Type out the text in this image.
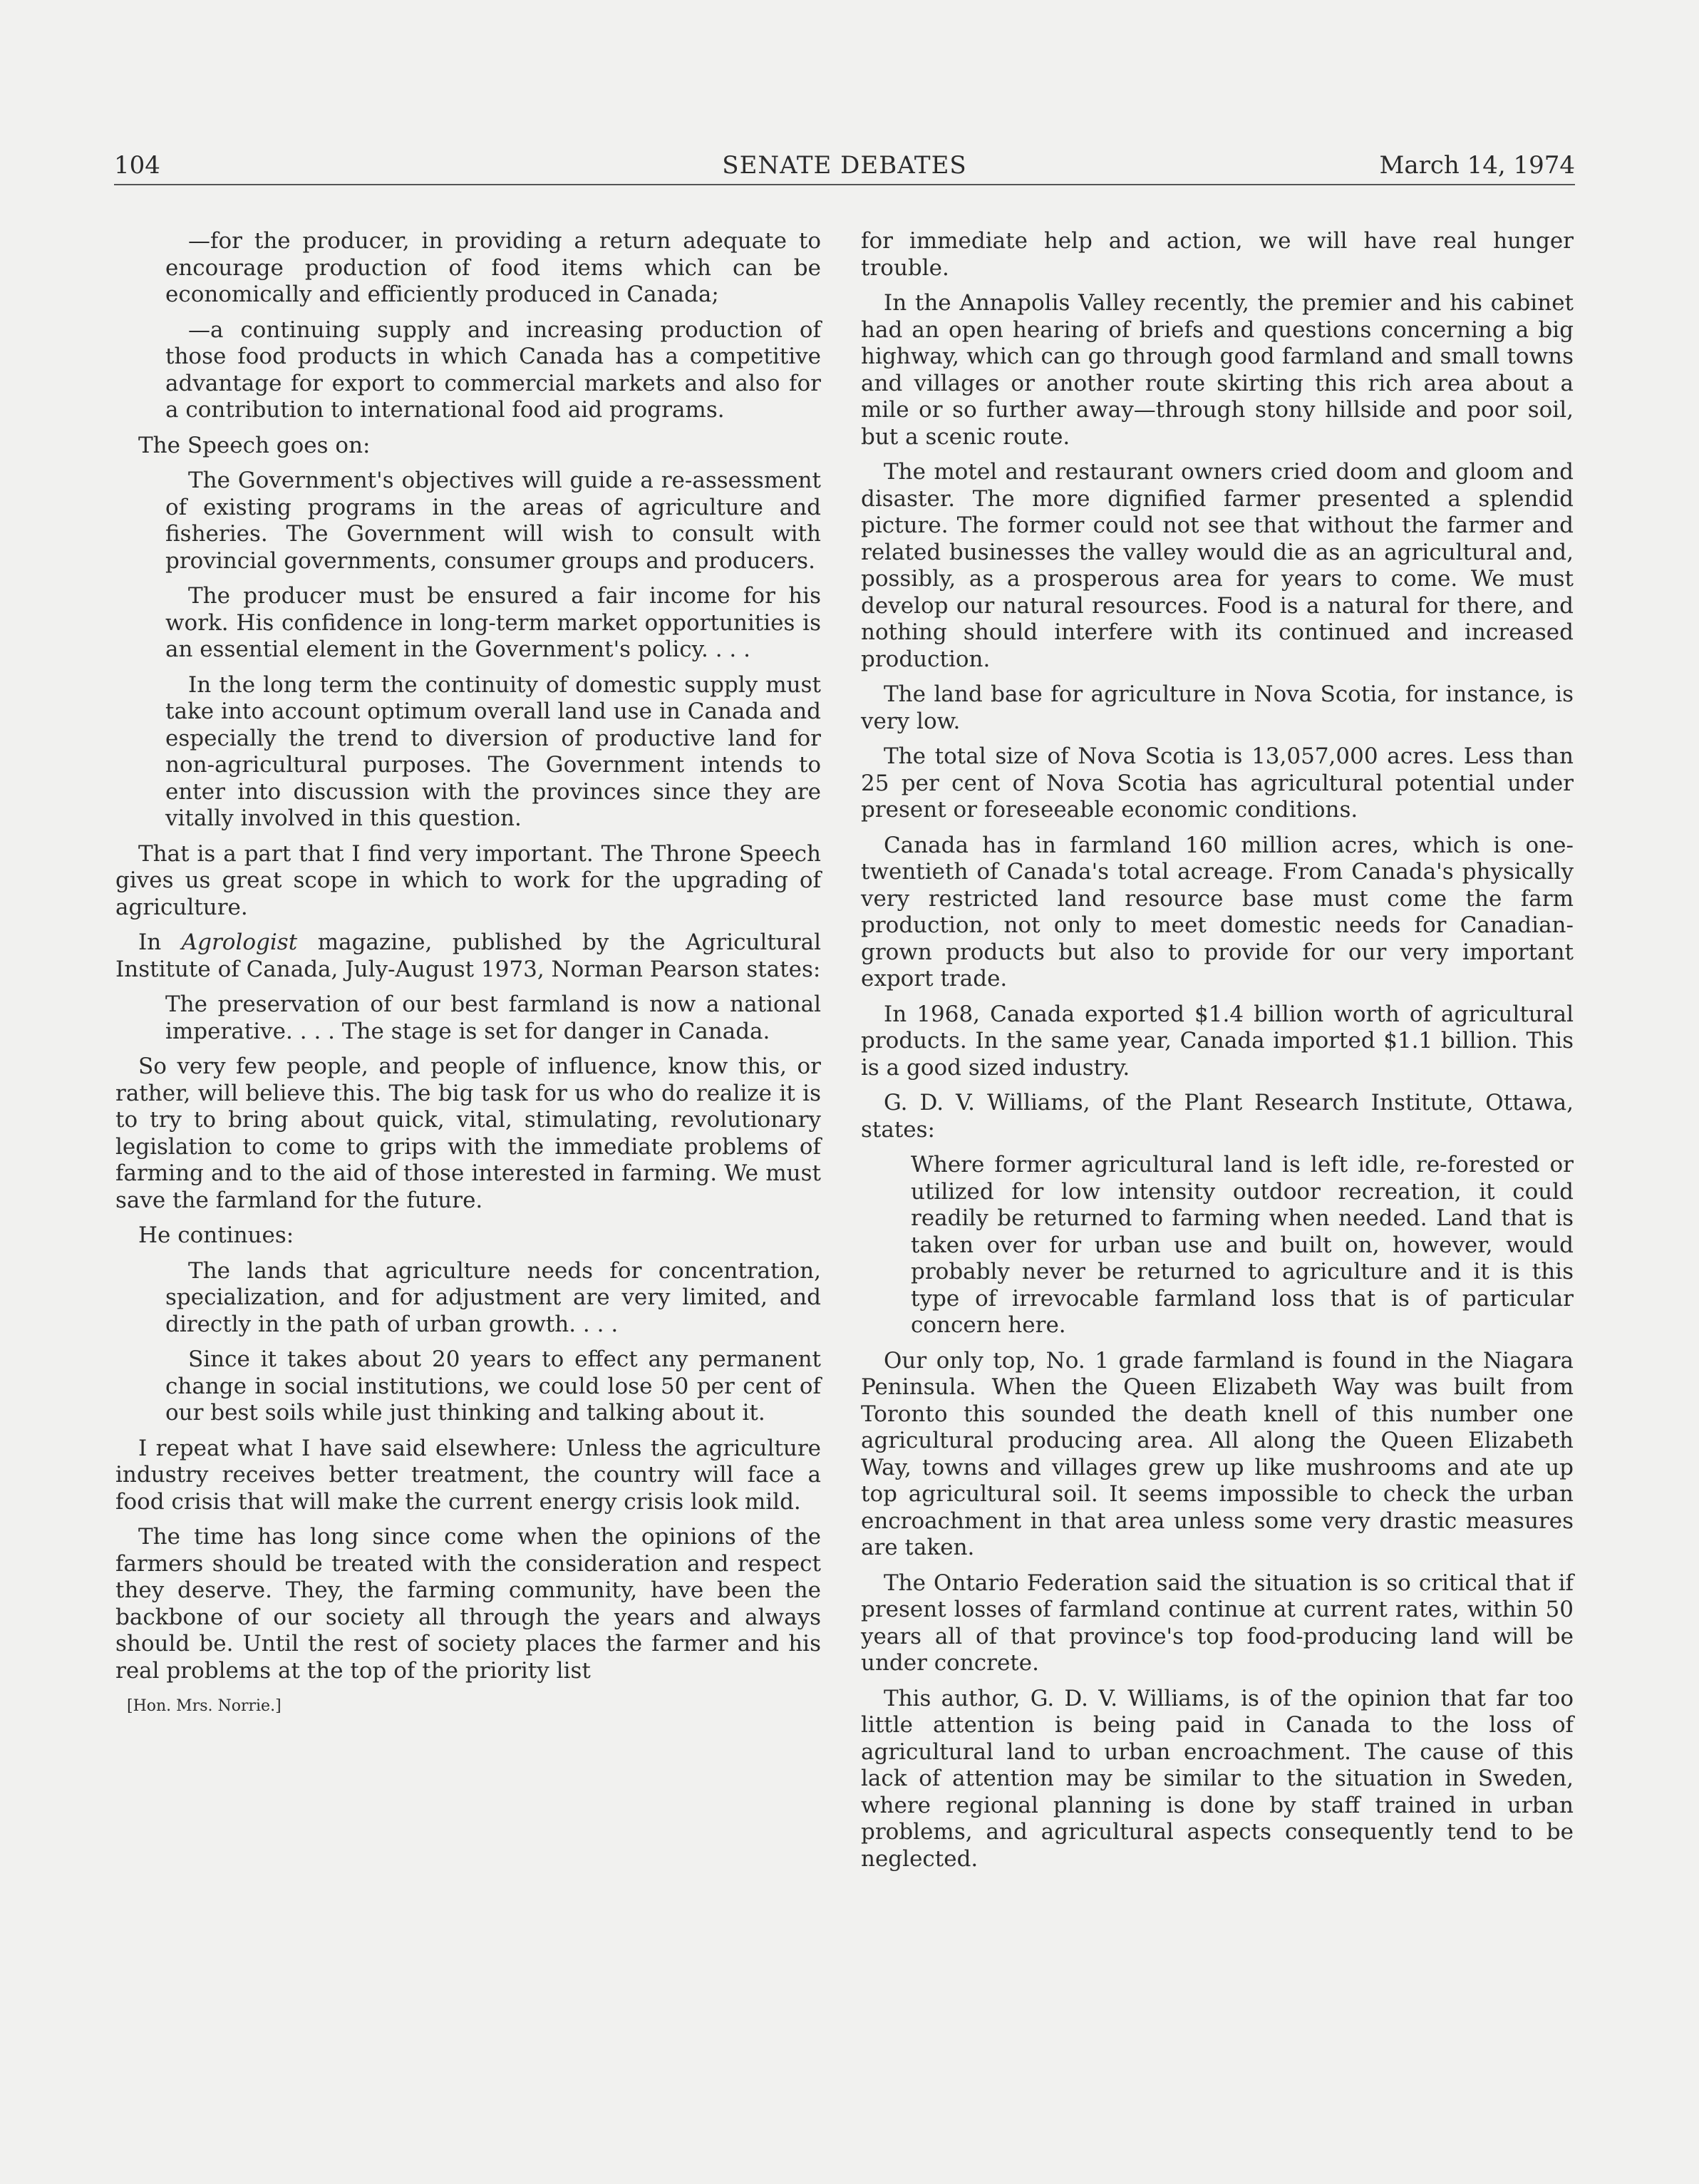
SENATE DEBATES
104	March 14, 1974

—for the producer, in providing a return adequate to encourage production of food items which can be economically and efficiently produced in Canada;

—a continuing supply and increasing production of those food products in which Canada has a competitive advantage for export to commercial markets and also for a contribution to international food aid programs.

The Speech goes on:

The Government's objectives will guide a re-assessment of existing programs in the areas of agriculture and fisheries. The Government will wish to consult with provincial governments, consumer groups and producers.

The producer must be ensured a fair income for his work. His confidence in long-term market opportunities is an essential element in the Government's policy. . . .

In the long term the continuity of domestic supply must take into account optimum overall land use in Canada and especially the trend to diversion of productive land for non-agricultural purposes. The Government intends to enter into discussion with the provinces since they are vitally involved in this question.

That is a part that I find very important. The Throne Speech gives us great scope in which to work for the upgrading of agriculture.

In Agrologist magazine, published by the Agricultural Institute of Canada, July-August 1973, Norman Pearson states:

The preservation of our best farmland is now a national imperative. . . . The stage is set for danger in Canada.

So very few people, and people of influence, know this, or rather, will believe this. The big task for us who do realize it is to try to bring about quick, vital, stimulating, revolutionary legislation to come to grips with the immediate problems of farming and to the aid of those interested in farming. We must save the farmland for the future.

He continues:

The lands that agriculture needs for concentration, specialization, and for adjustment are very limited, and directly in the path of urban growth. . . .

Since it takes about 20 years to effect any permanent change in social institutions, we could lose 50 per cent of our best soils while just thinking and talking about it.

I repeat what I have said elsewhere: Unless the agriculture industry receives better treatment, the country will face a food crisis that will make the current energy crisis look mild.

The time has long since come when the opinions of the farmers should be treated with the consideration and respect they deserve. They, the farming community, have been the backbone of our society all through the years and always should be. Until the rest of society places the farmer and his real problems at the top of the priority list

[Hon. Mrs. Norrie.]

for immediate help and action, we will have real hunger trouble.

In the Annapolis Valley recently, the premier and his cabinet had an open hearing of briefs and questions concerning a big highway, which can go through good farmland and small towns and villages or another route skirting this rich area about a mile or so further away—through stony hillside and poor soil, but a scenic route.

The motel and restaurant owners cried doom and gloom and disaster. The more dignified farmer presented a splendid picture. The former could not see that without the farmer and related businesses the valley would die as an agricultural and, possibly, as a prosperous area for years to come. We must develop our natural resources. Food is a natural for there, and nothing should interfere with its continued and increased production.

The land base for agriculture in Nova Scotia, for instance, is very low.

The total size of Nova Scotia is 13,057,000 acres. Less than 25 per cent of Nova Scotia has agricultural potential under present or foreseeable economic conditions.

Canada has in farmland 160 million acres, which is one-twentieth of Canada's total acreage. From Canada's physically very restricted land resource base must come the farm production, not only to meet domestic needs for Canadian-grown products but also to provide for our very important export trade.

In 1968, Canada exported $1.4 billion worth of agricultural products. In the same year, Canada imported $1.1 billion. This is a good sized industry.

G. D. V. Williams, of the Plant Research Institute, Ottawa, states:

Where former agricultural land is left idle, re-forested or utilized for low intensity outdoor recreation, it could readily be returned to farming when needed. Land that is taken over for urban use and built on, however, would probably never be returned to agriculture and it is this type of irrevocable farmland loss that is of particular concern here.

Our only top, No. 1 grade farmland is found in the Niagara Peninsula. When the Queen Elizabeth Way was built from Toronto this sounded the death knell of this number one agricultural producing area. All along the Queen Elizabeth Way, towns and villages grew up like mushrooms and ate up top agricultural soil. It seems impossible to check the urban encroachment in that area unless some very drastic measures are taken.

The Ontario Federation said the situation is so critical that if present losses of farmland continue at current rates, within 50 years all of that province's top food-producing land will be under concrete.

This author, G. D. V. Williams, is of the opinion that far too little attention is being paid in Canada to the loss of agricultural land to urban encroachment. The cause of this lack of attention may be similar to the situation in Sweden, where regional planning is done by staff trained in urban problems, and agricultural aspects consequently tend to be neglected.
